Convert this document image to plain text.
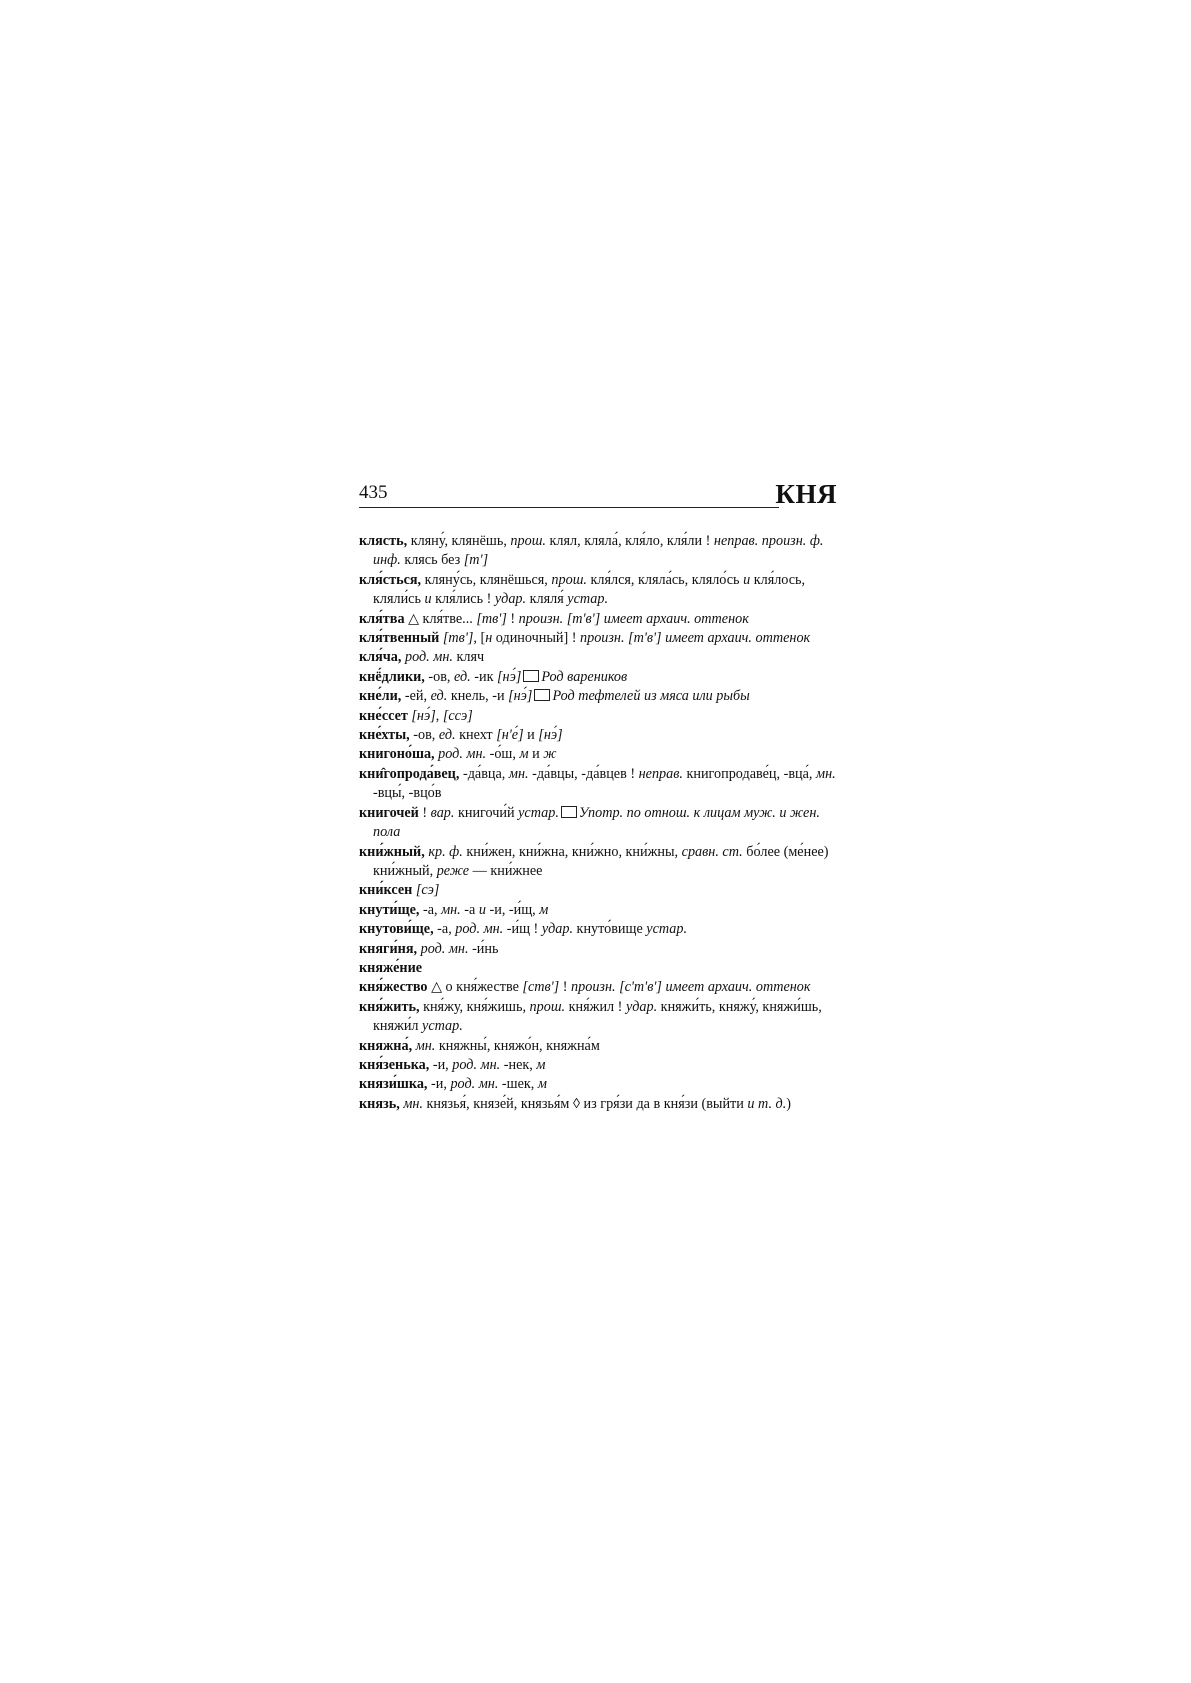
435	КНЯ

клясть, кляну́, клянёшь, прош. клял, кляла́, кля́ло, кля́ли ! неправ. произн. ф. инф. клясь без [т']

кля́сться, кляну́сь, клянёшься, прош. кля́лся, кляла́сь, кляло́сь и кля́лось, кляли́сь и кля́лись ! удар. кляля́ устар.

кля́тва △ кля́тве... [тв'] ! произн. [т'в'] имеет архаич. оттенок

кля́твенный [тв'], [н одиночный] ! произн. [т'в'] имеет архаич. оттенок

кля́ча, род. мн. кляч

кнё́длики, -ов, ед. -ик [нэ́] Род вареников

кне́ли, -ей, ед. кнель, -и [нэ́] Род тефтелей из мяса или рыбы

кне́ссет [нэ́], [ссэ]

кне́хты, -ов, ед. кнехт [н'е́] и [нэ́]

книгоно́ша, род. мн. -о́ш, м и ж

кни̂гопрода́вец, -да́вца, мн. -да́вцы, -да́вцев ! неправ. книгопродаве́ц, -вца́, мн. -вцы́, -вцо́в

книгочей ! вар. книгочи́й устар. Употр. по отнош. к лицам муж. и жен. пола

кни́жный, кр. ф. кни́жен, кни́жна, кни́жно, кни́жны, сравн. ст. бо́лее (ме́нее) кни́жный, реже — кни́жнее

кни́ксен [сэ]

кнути́ще, -а, мн. -а и -и, -и́щ, м

кнутови́ще, -а, род. мн. -и́щ ! удар. кнуто́вище устар.

княги́ня, род. мн. -и́нь

княже́ние

кня́жество △ о кня́жестве [ств'] ! произн. [с'т'в'] имеет архаич. оттенок

кня́жить, кня́жу, кня́жишь, прош. кня́жил ! удар. княжи́ть, княжу́, княжи́шь, княжи́л устар.

княжна́, мн. княжны́, княжо́н, княжна́м

кня́зенька, -и, род. мн. -нек, м

князи́шка, -и, род. мн. -шек, м

князь, мн. князья́, князе́й, князья́м ◊ из гря́зи да в кня́зи (выйти и т. д.)
